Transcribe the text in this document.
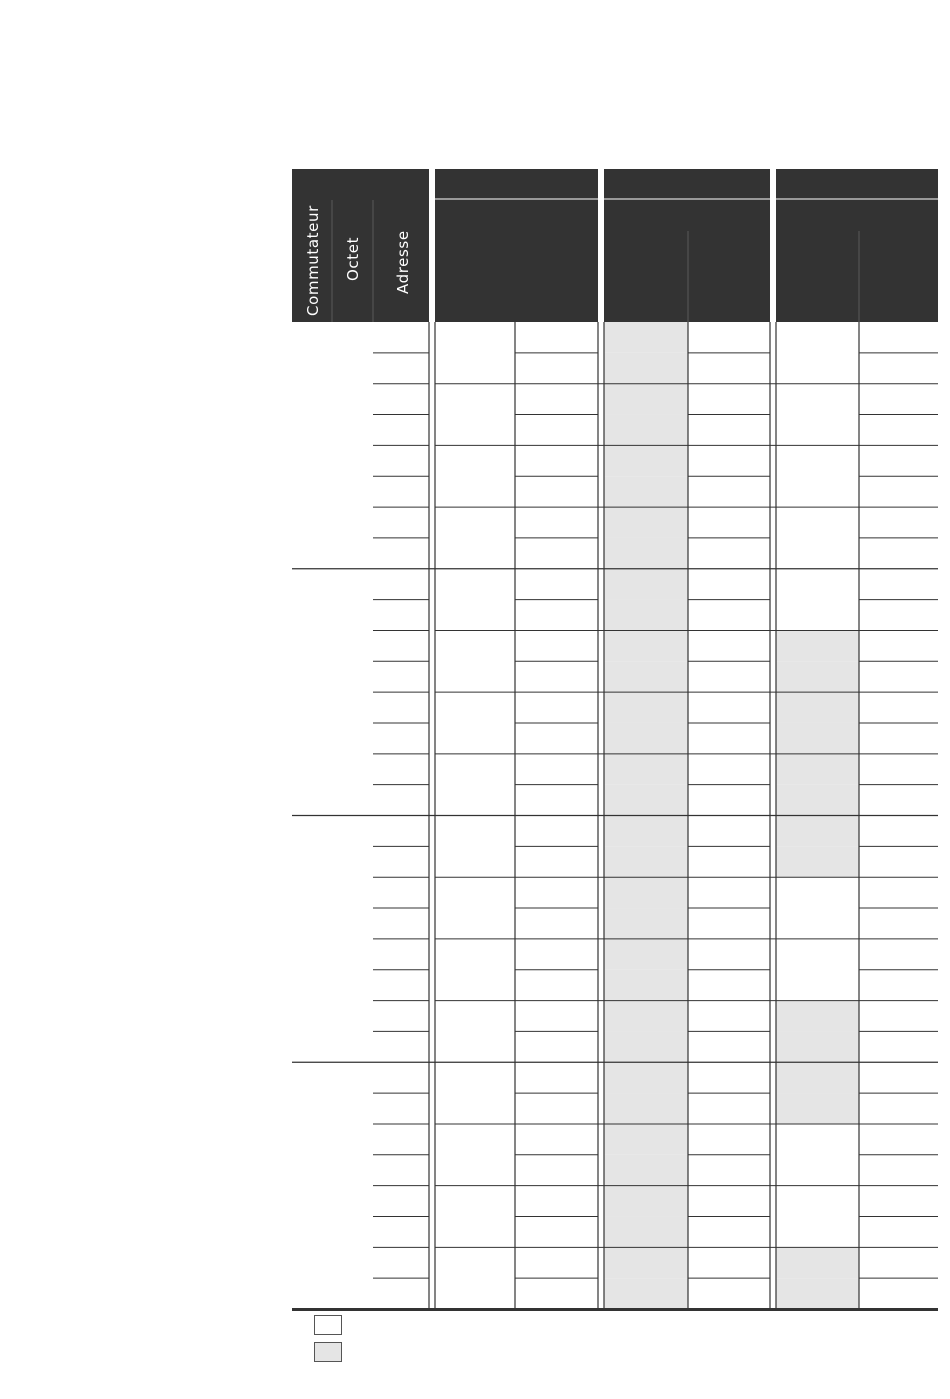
Commutateur Octet Adresse
